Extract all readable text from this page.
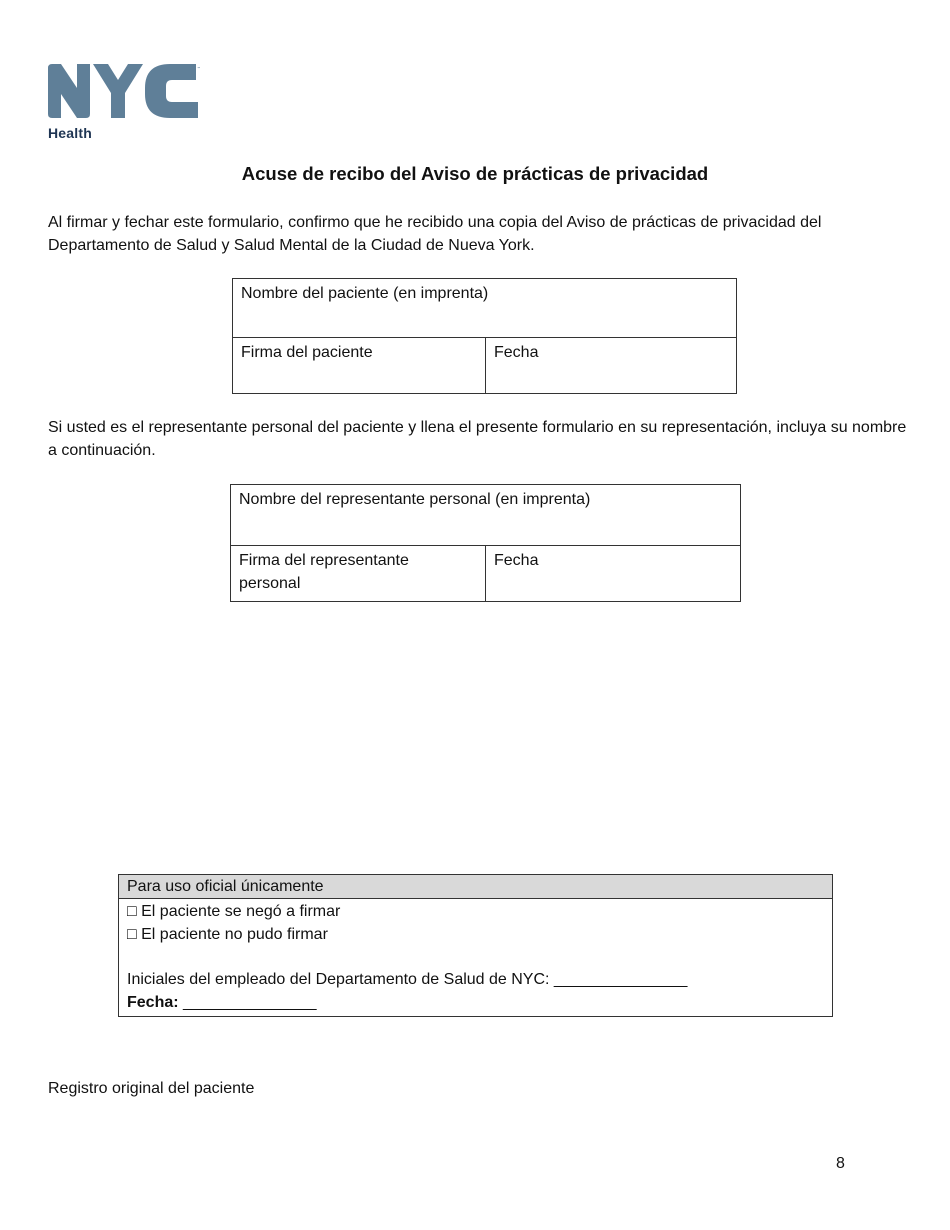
™
Health
Acuse de recibo del Aviso de prácticas de privacidad

Al firmar y fechar este formulario, confirmo que he recibido una copia del Aviso de prácticas de privacidad del Departamento de Salud y Salud Mental de la Ciudad de Nueva York.

Nombre del paciente (en imprenta)
Firma del paciente	Fecha

Si usted es el representante personal del paciente y llena el presente formulario en su representación, incluya su nombre a continuación.

Nombre del representante personal (en imprenta)
Firma del representante
personal	Fecha
Para uso oficial únicamente
□ El paciente se negó a firmar
□ El paciente no pudo firmar
Iniciales del empleado del Departamento de Salud de NYC: _______________
Fecha: _______________

Registro original del paciente

8
